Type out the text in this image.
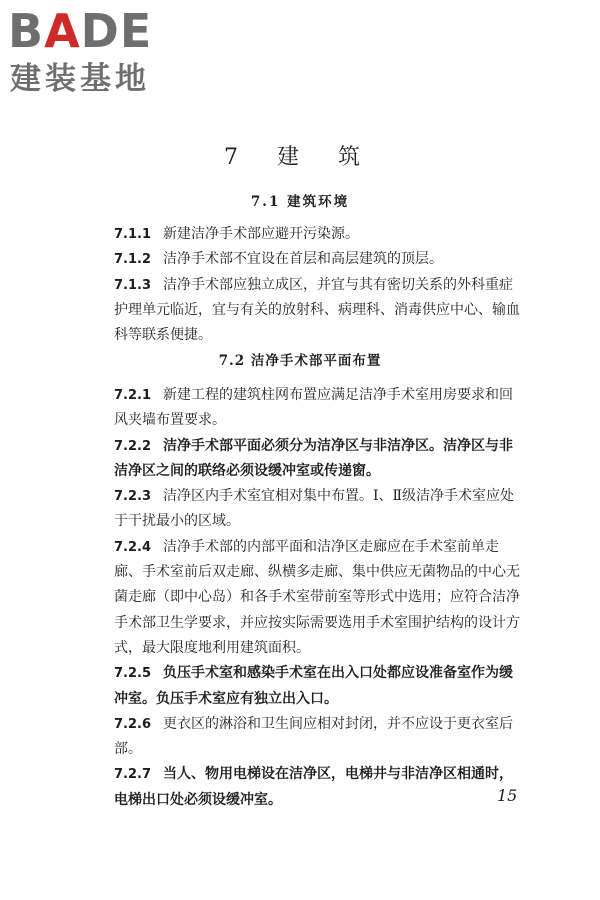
BADE
建装基地
7 建 筑
7.1 建筑环境

7.1.1 新建洁净手术部应避开污染源。

7.1.2 洁净手术部不宜设在首层和高层建筑的顶层。

7.1.3 洁净手术部应独立成区，并宜与其有密切关系的外科重症护理单元临近，宜与有关的放射科、病理科、消毒供应中心、输血科等联系便捷。

7.2 洁净手术部平面布置

7.2.1 新建工程的建筑柱网布置应满足洁净手术室用房要求和回风夹墙布置要求。

7.2.2 洁净手术部平面必须分为洁净区与非洁净区。洁净区与非洁净区之间的联络必须设缓冲室或传递窗。

7.2.3 洁净区内手术室宜相对集中布置。Ⅰ、Ⅱ级洁净手术室应处于干扰最小的区域。

7.2.4 洁净手术部的内部平面和洁净区走廊应在手术室前单走廊、手术室前后双走廊、纵横多走廊、集中供应无菌物品的中心无菌走廊（即中心岛）和各手术室带前室等形式中选用；应符合洁净手术部卫生学要求，并应按实际需要选用手术室围护结构的设计方式，最大限度地利用建筑面积。

7.2.5 负压手术室和感染手术室在出入口处都应设准备室作为缓冲室。负压手术室应有独立出入口。

7.2.6 更衣区的淋浴和卫生间应相对封闭，并不应设于更衣室后部。

7.2.7 当人、物用电梯设在洁净区，电梯井与非洁净区相通时，电梯出口处必须设缓冲室。	15
